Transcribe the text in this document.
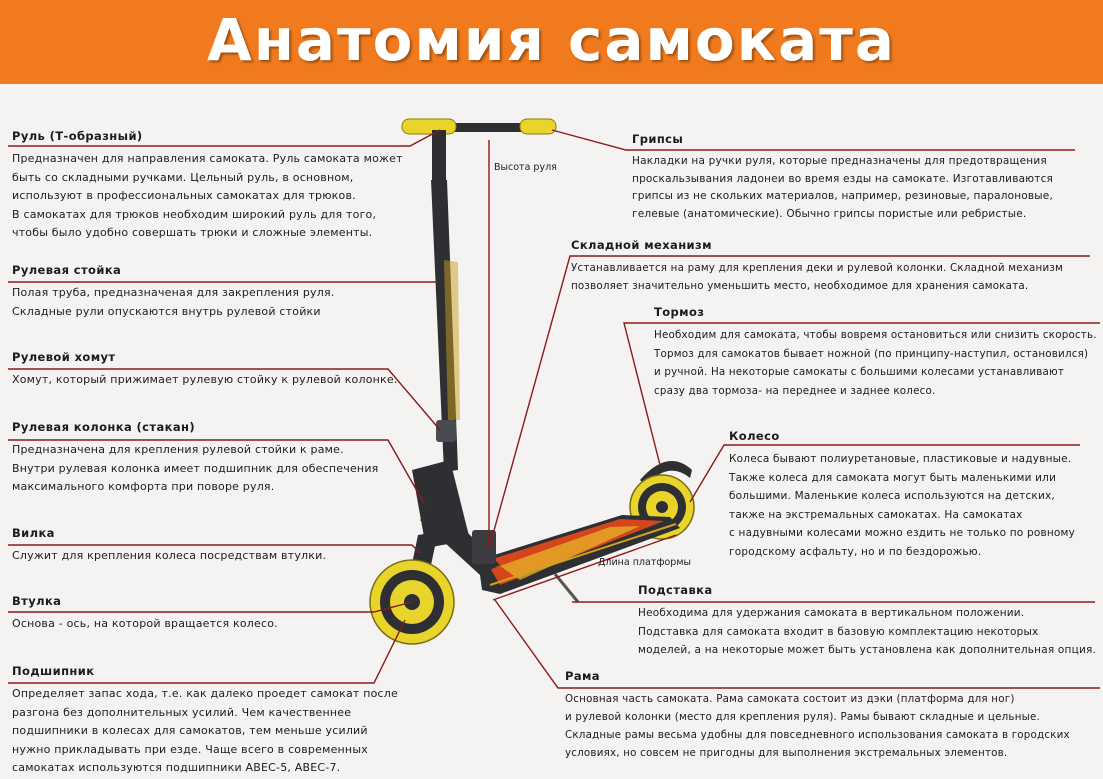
Анатомия самоката
Высота руля
Длина платформы
Руль (Т-образный)
Предназначен для направления самоката. Руль самоката может
быть со складными ручками. Цельный руль, в основном,
используют в профессиональных самокатах для трюков.
В самокатах для трюков необходим широкий руль для того,
чтобы было удобно совершать трюки и сложные элементы.
Рулевая стойка
Полая труба, предназначеная для закрепления руля.
Складные рули опускаются внутрь рулевой стойки
Рулевой хомут
Хомут, который прижимает рулевую стойку к рулевой колонке.
Рулевая колонка (стакан)
Предназначена для крепления рулевой стойки к раме.
Внутри рулевая колонка имеет подшипник для обеспечения
максимального комфорта при поворе руля.
Вилка
Служит для крепления колеса посредствам втулки.
Втулка
Основа - ось, на которой вращается колесо.
Подшипник
Определяет запас хода, т.е. как далеко проедет самокат после
разгона без дополнительных усилий. Чем качественнее
подшипники в колесах для самокатов, тем меньше усилий
нужно прикладывать при езде. Чаще всего в современных
самокатах используются подшипники ABEC-5, ABEC-7.
Грипсы
Накладки на ручки руля, которые предназначены для предотвращения
проскальзывания ладонеи во время езды на самокате. Изготавливаются
грипсы из не скольких материалов, например, резиновые, паралоновые,
гелевые (анатомические). Обычно грипсы пористые или ребристые.
Складной механизм
Устанавливается на раму для крепления деки и рулевой колонки. Складной механизм
позволяет значительно уменьшить место, необходимое для хранения самоката.
Тормоз
Необходим для самоката, чтобы вовремя остановиться или снизить скорость.
Тормоз для самокатов бывает ножной (по принципу-наступил, остановился)
и ручной. На некоторые самокаты с большими колесами устанавливают
сразу два тормоза- на переднее и заднее колесо.
Колесо
Колеса бывают полиуретановые, пластиковые и надувные.
Также колеса для самоката могут быть маленькими или
большими. Маленькие колеса используются на детских,
также на экстремальных самокатах. На самокатах
с надувными колесами можно ездить не только по ровному
городскому асфальту, но и по бездорожью.
Подставка
Необходима для удержания самоката в вертикальном положении.
Подставка для самоката входит в базовую комплектацию некоторых
моделей, а на некоторые может быть установлена как дополнительная опция.
Рама
Основная часть самоката. Рама самоката состоит из дэки (платформа для ног)
и рулевой колонки (место для крепления руля). Рамы бывают складные и цельные.
Складные рамы весьма удобны для повседневного использования самоката в городских
условиях, но совсем не пригодны для выполнения экстремальных элементов.
